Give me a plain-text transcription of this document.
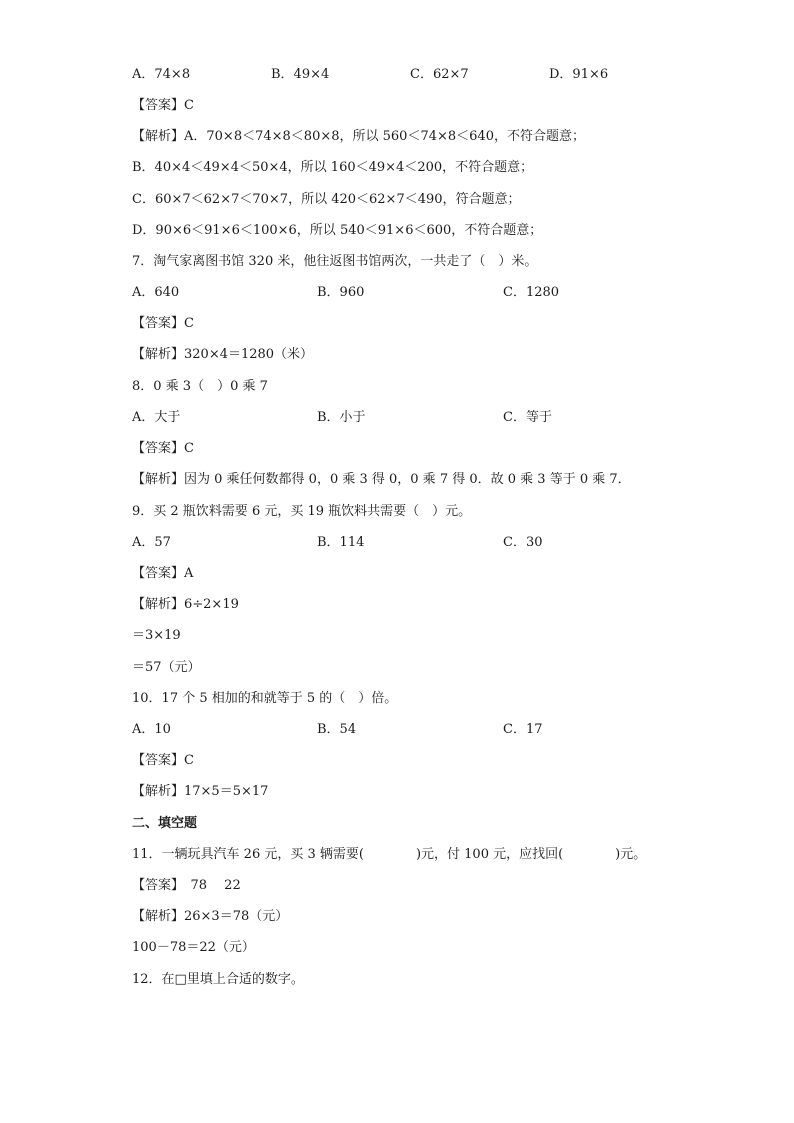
A．74×8	B．49×4	C．62×7	D．91×6
【答案】C
【解析】A．70×8＜74×8＜80×8，所以 560＜74×8＜640，不符合题意；
B．40×4＜49×4＜50×4，所以 160＜49×4＜200，不符合题意；
C．60×7＜62×7＜70×7，所以 420＜62×7＜490，符合题意；
D．90×6＜91×6＜100×6，所以 540＜91×6＜600，不符合题意；
7．淘气家离图书馆 320 米，他往返图书馆两次，一共走了（　）米。
A．640	B．960	C．1280
【答案】C
【解析】320×4＝1280（米）
8．0 乘 3（　）0 乘 7
A．大于	B．小于	C．等于
【答案】C
【解析】因为 0 乘任何数都得 0，0 乘 3 得 0，0 乘 7 得 0．故 0 乘 3 等于 0 乘 7．
9．买 2 瓶饮料需要 6 元，买 19 瓶饮料共需要（　）元。
A．57	B．114	C．30
【答案】A
【解析】6÷2×19
＝3×19
＝57（元）
10．17 个 5 相加的和就等于 5 的（　）倍。
A．10	B．54	C．17
【答案】C
【解析】17×5＝5×17
二、填空题
11．一辆玩具汽车 26 元，买 3 辆需要(　　　　)元，付 100 元，应找回(　　　　)元。
【答案】　78　 22
【解析】26×3＝78（元）
100－78＝22（元）
12．在□里填上合适的数字。
